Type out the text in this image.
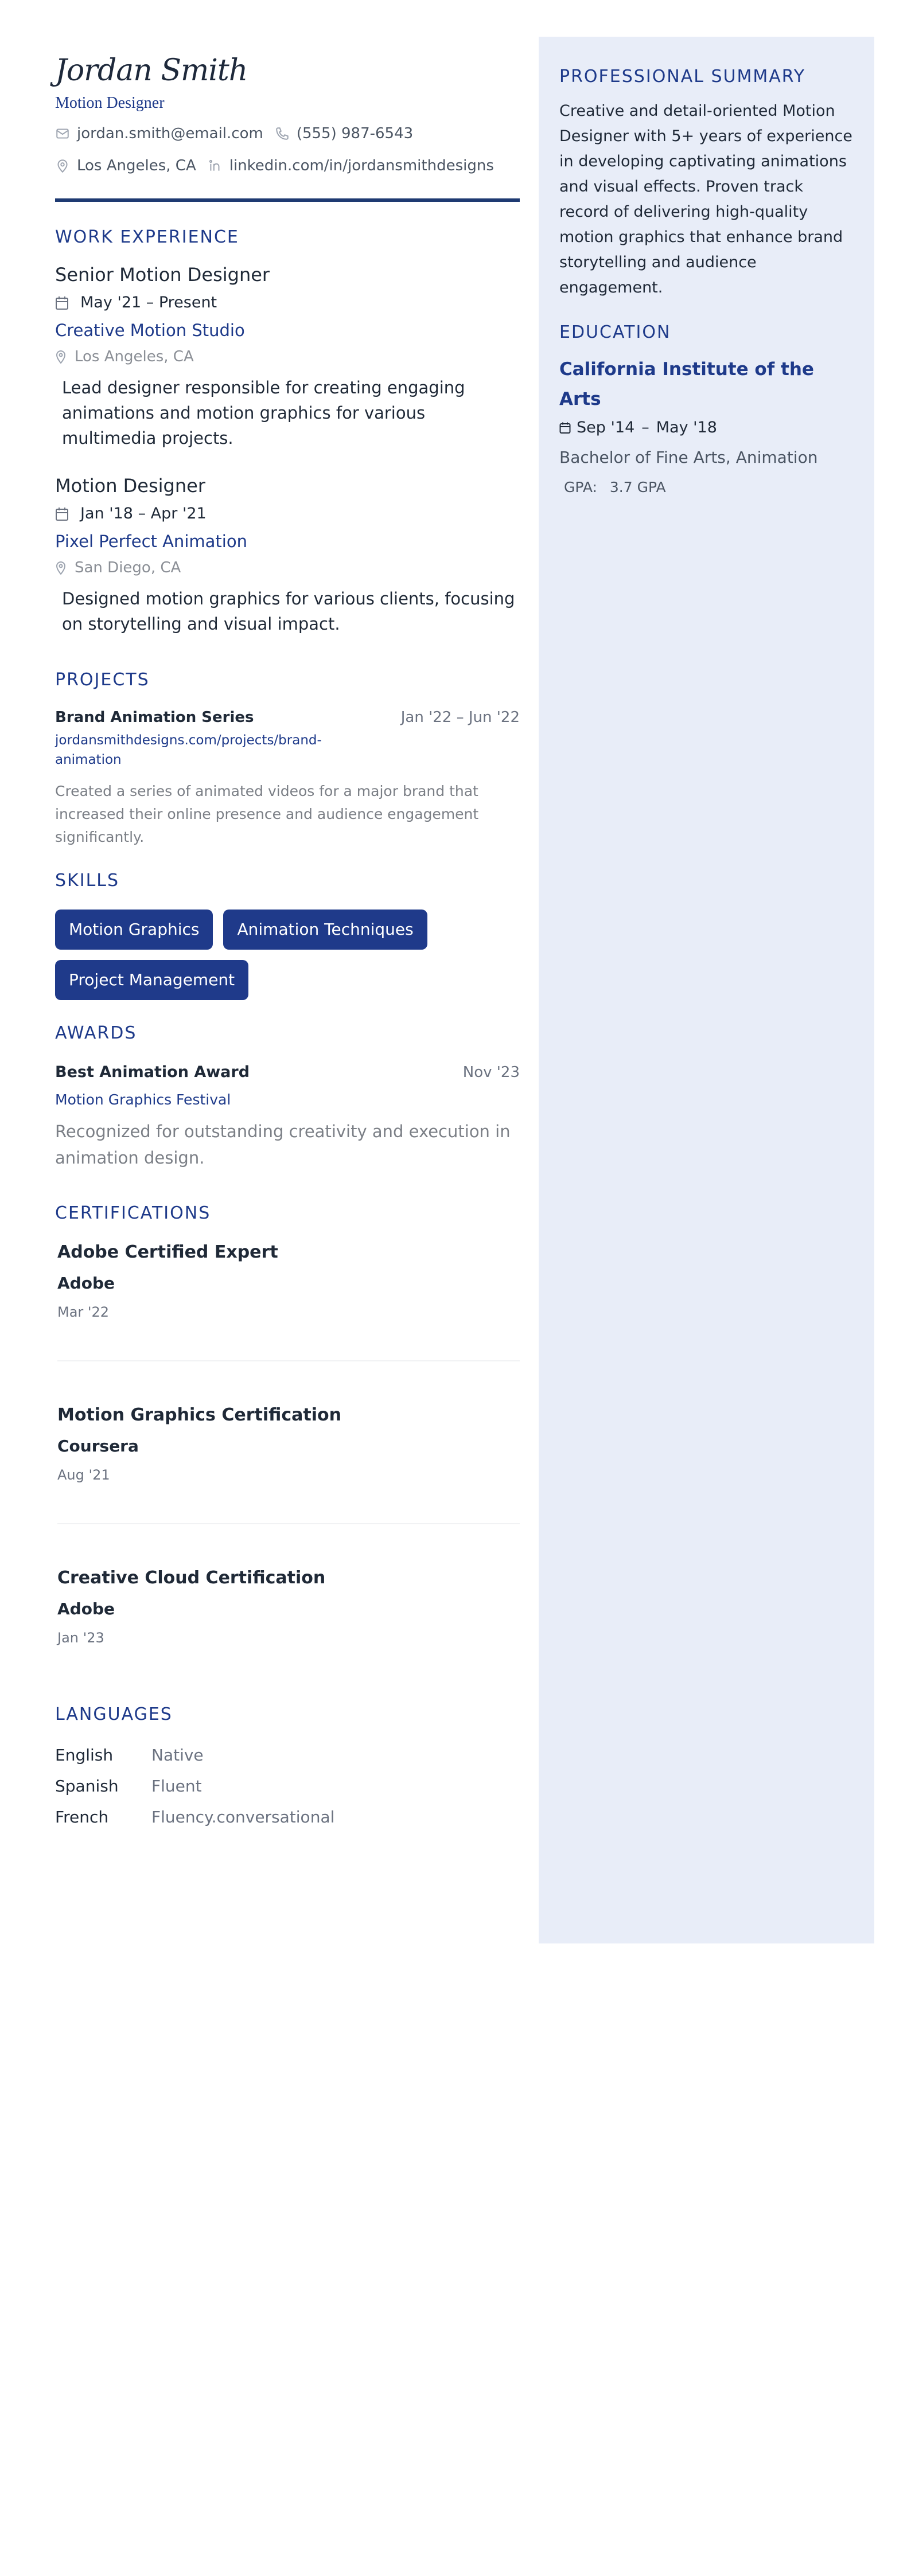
Jordan Smith
Motion Designer
jordan.smith@email.com (555) 987-6543
Los Angeles, CA linkedin.com/in/jordansmithdesigns
WORK EXPERIENCE
Senior Motion Designer
May '21 – Present
Creative Motion Studio
Los Angeles, CA
Lead designer responsible for creating engaging animations and motion graphics for various multimedia projects.
Motion Designer
Jan '18 – Apr '21
Pixel Perfect Animation
San Diego, CA
Designed motion graphics for various clients, focusing on storytelling and visual impact.
PROJECTS
Brand Animation Series	Jan '22 – Jun '22
jordansmithdesigns.com/projects/brand-animation
Created a series of animated videos for a major brand that increased their online presence and audience engagement significantly.
SKILLS
Motion Graphics	Animation Techniques
Project Management
AWARDS
Best Animation Award	Nov '23
Motion Graphics Festival
Recognized for outstanding creativity and execution in animation design.
CERTIFICATIONS
Adobe Certified Expert
Adobe
Mar '22
Motion Graphics Certification
Coursera
Aug '21
Creative Cloud Certification
Adobe
Jan '23
LANGUAGES
English	Native
Spanish	Fluent
French	Fluency.conversational
PROFESSIONAL SUMMARY
Creative and detail-oriented Motion Designer with 5+ years of experience in developing captivating animations and visual effects. Proven track record of delivering high-quality motion graphics that enhance brand storytelling and audience engagement.
EDUCATION
California Institute of the Arts
Sep '14 – May '18
Bachelor of Fine Arts, Animation
GPA: 3.7 GPA
